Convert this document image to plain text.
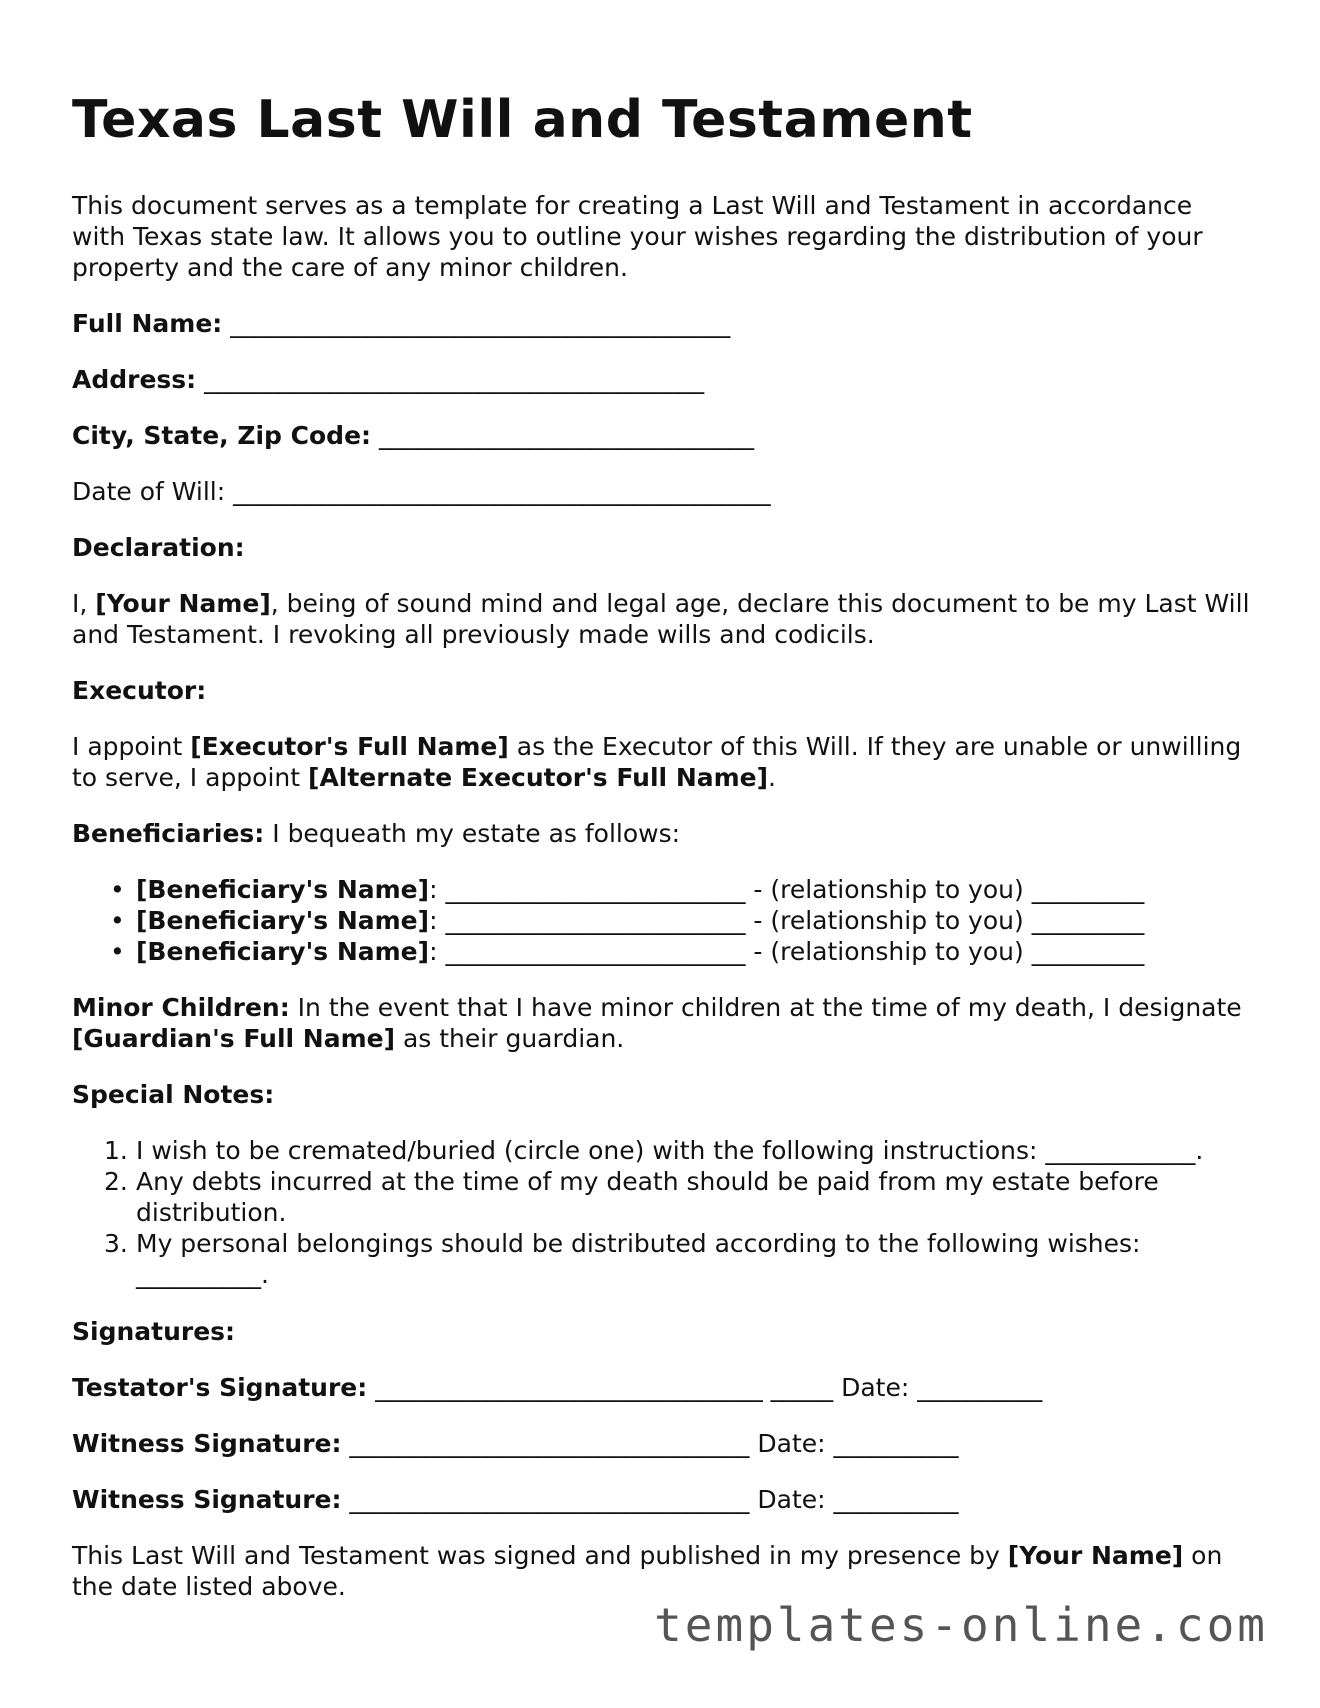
Texas Last Will and Testament

This document serves as a template for creating a Last Will and Testament in accordance with Texas state law. It allows you to outline your wishes regarding the distribution of your property and the care of any minor children.

Full Name: ________________________________________
Address: ________________________________________
City, State, Zip Code: ______________________________
Date of Will: ___________________________________________

Declaration:

I, [Your Name], being of sound mind and legal age, declare this document to be my Last Will and Testament. I revoking all previously made wills and codicils.

Executor:

I appoint [Executor's Full Name] as the Executor of this Will. If they are unable or unwilling to serve, I appoint [Alternate Executor's Full Name].

Beneficiaries: I bequeath my estate as follows:

• [Beneficiary's Name]: ________________________ - (relationship to you) _________
• [Beneficiary's Name]: ________________________ - (relationship to you) _________
• [Beneficiary's Name]: ________________________ - (relationship to you) _________

Minor Children: In the event that I have minor children at the time of my death, I designate [Guardian's Full Name] as their guardian.

Special Notes:

I wish to be cremated/buried (circle one) with the following instructions: ____________.
Any debts incurred at the time of my death should be paid from my estate before distribution.
My personal belongings should be distributed according to the following wishes: __________.

Signatures:

Testator's Signature: _______________________________ _____ Date: __________
Witness Signature: ________________________________ Date: __________
Witness Signature: ________________________________ Date: __________

This Last Will and Testament was signed and published in my presence by [Your Name] on the date listed above.

templates-online.com
